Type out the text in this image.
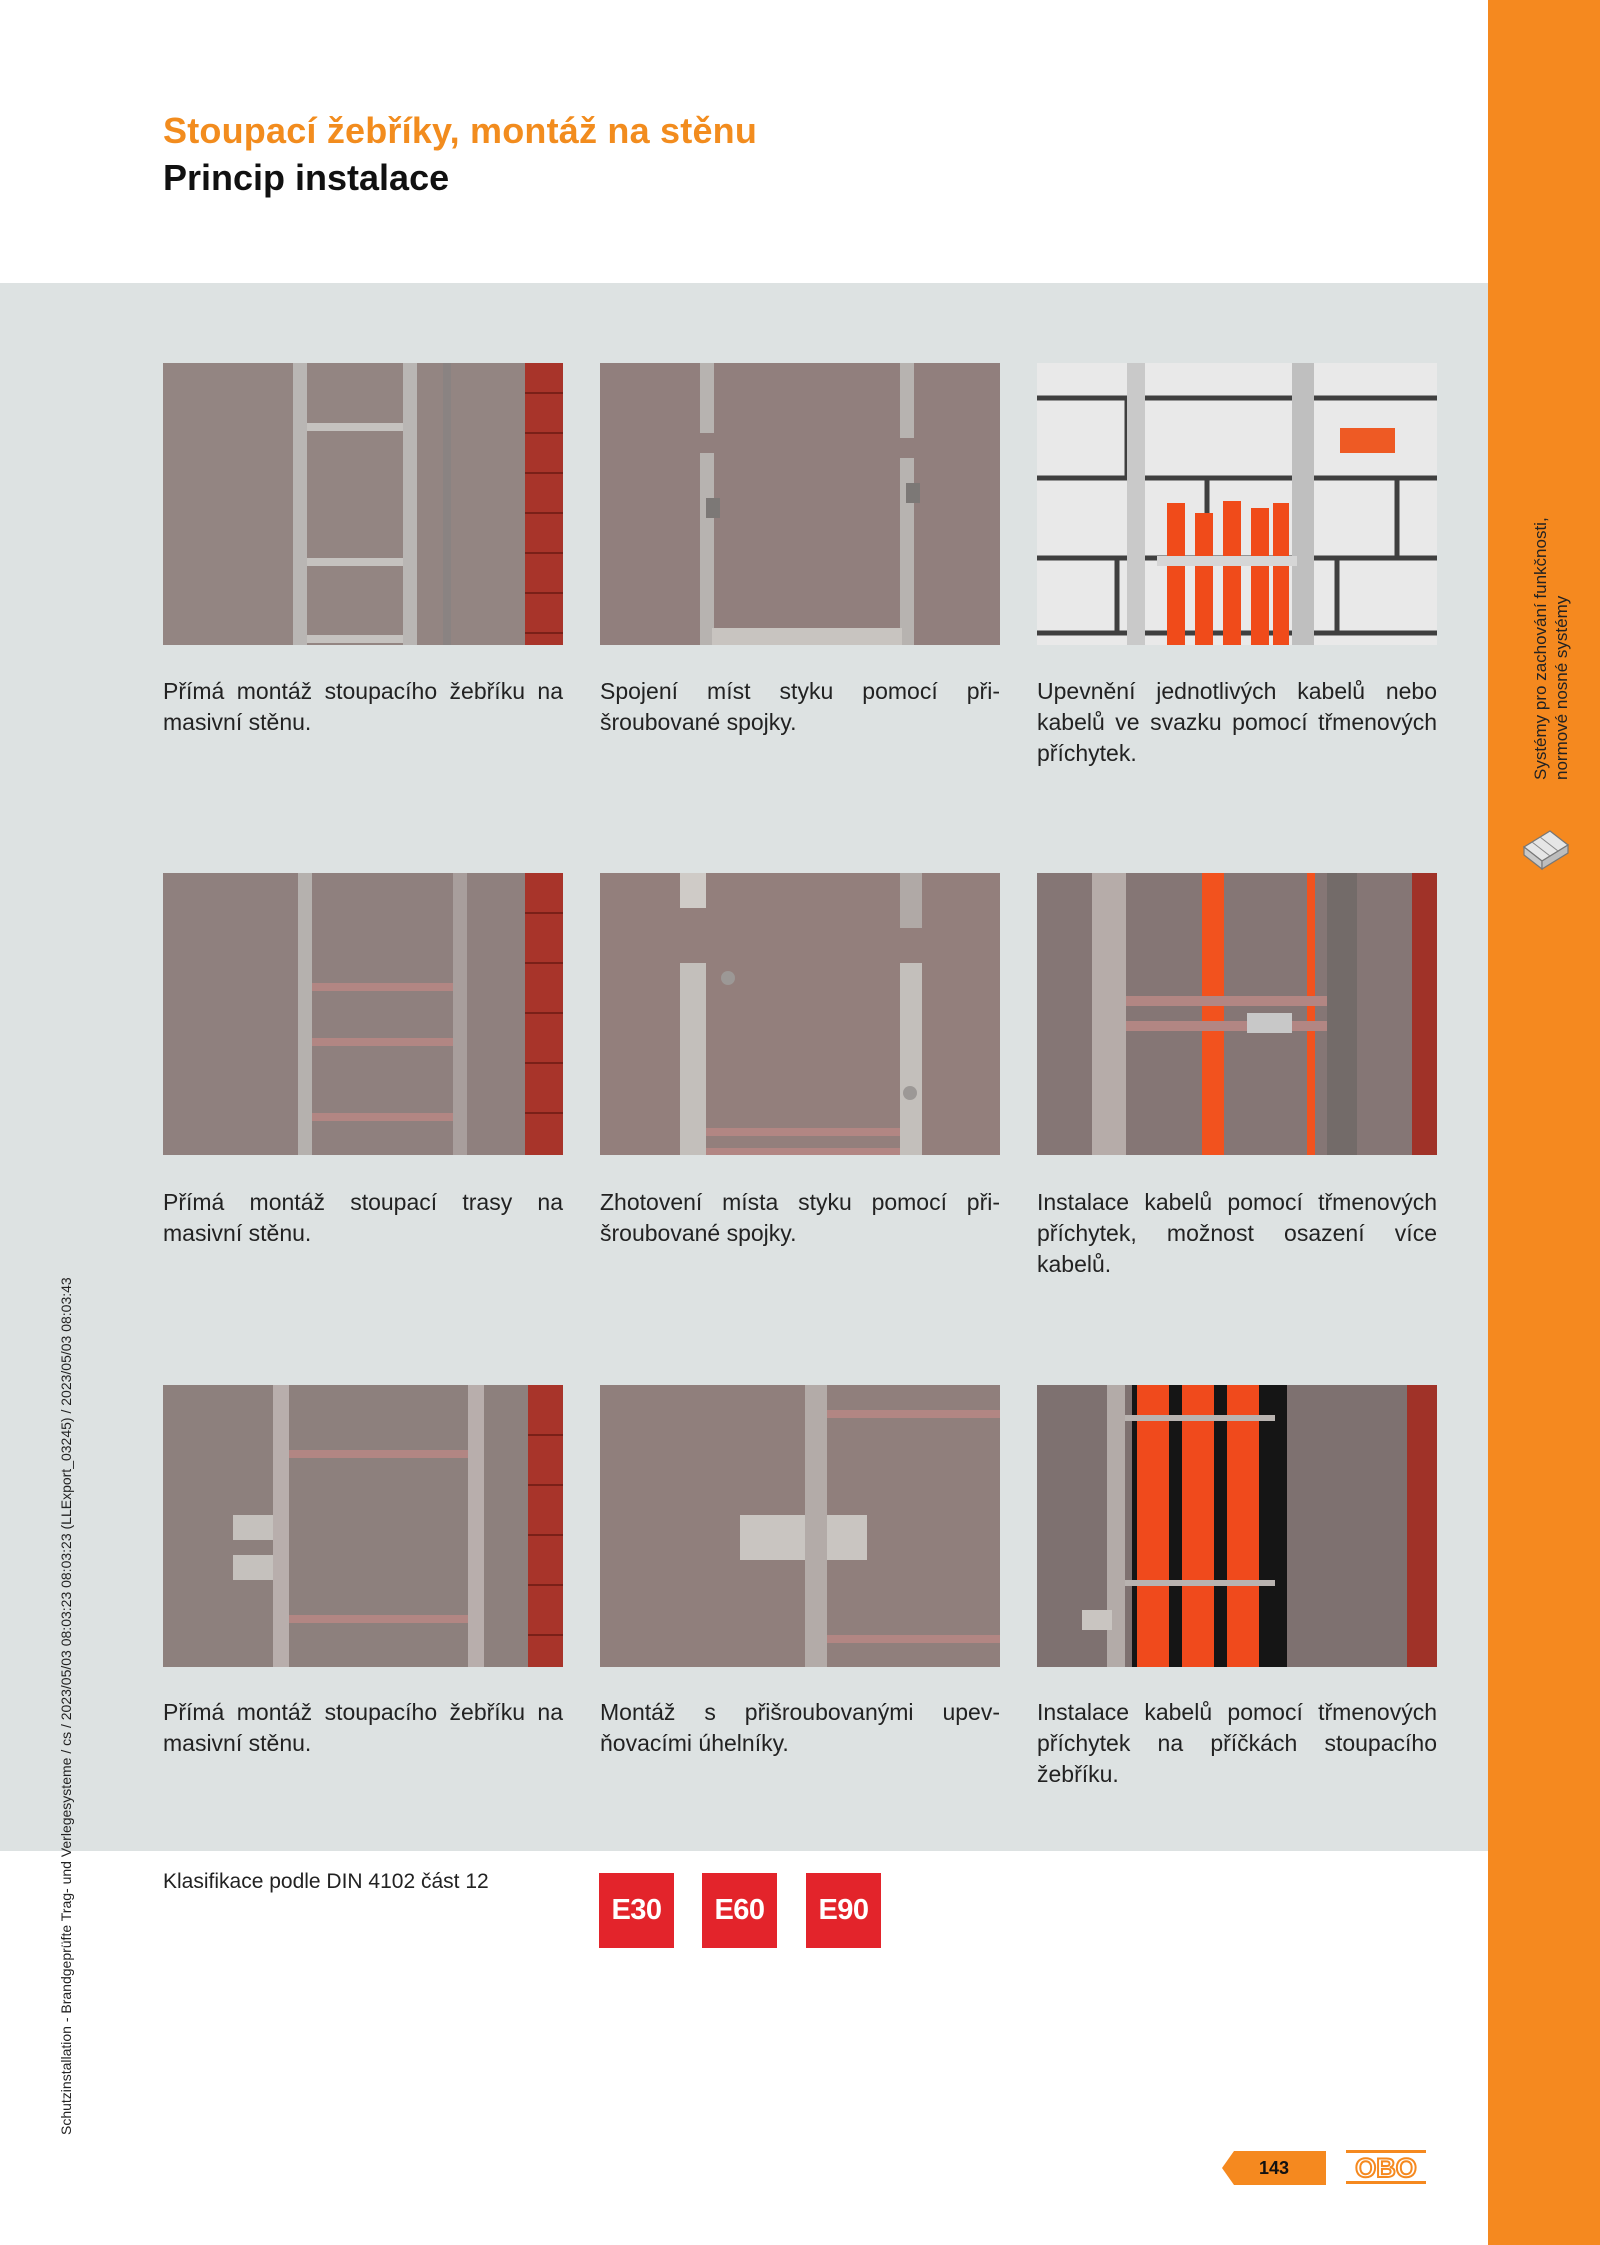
Stoupací žebříky, montáž na stěnu
Princip instalace
Systémy pro zachování funkčnosti, normové nosné systémy
Přímá montáž stoupacího žebříku na masivní stěnu.
Spojení míst styku pomocí při-šroubované spojky.
Upevnění jednotlivých kabelů nebo kabelů ve svazku pomocí třmenových příchytek.
Přímá montáž stoupací trasy na masivní stěnu.
Zhotovení místa styku pomocí při-šroubované spojky.
Instalace kabelů pomocí třmenových příchytek, možnost osazení více kabelů.
Přímá montáž stoupacího žebříku na masivní stěnu.
Montáž s přišroubovanými upev-ňovacími úhelníky.
Instalace kabelů pomocí třmenových příchytek na příčkách stoupacího žebříku.
Schutzinstallation - Brandgeprüfte Trag- und Verlegesysteme / cs / 2023/05/03 08:03:23 08:03:23 (LLExport_03245) / 2023/05/03 08:03:43	Klasifikace podle DIN 4102 část 12
E30	E60	E90
143	OBO
